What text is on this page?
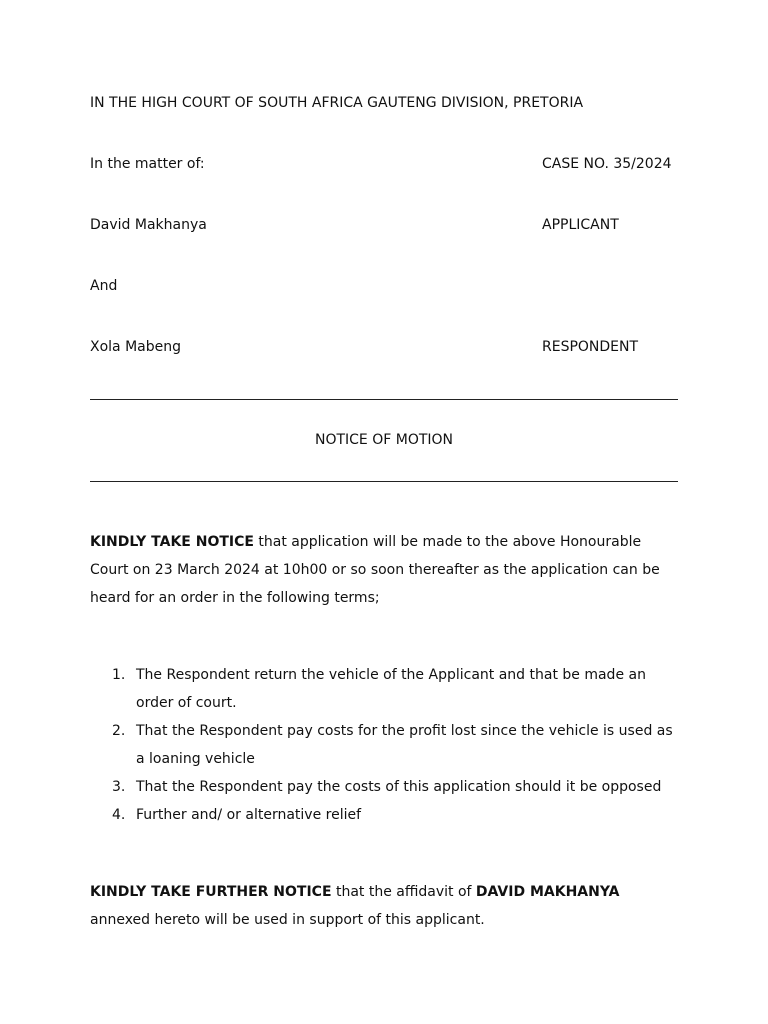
IN THE HIGH COURT OF SOUTH AFRICA GAUTENG DIVISION, PRETORIA
In the matter of:	CASE NO. 35/2024
David Makhanya	APPLICANT
And
Xola Mabeng	RESPONDENT
NOTICE OF MOTION
KINDLY TAKE NOTICE that application will be made to the above Honourable Court on 23 March 2024 at 10h00 or so soon thereafter as the application can be heard for an order in the following terms;
1. The Respondent return the vehicle of the Applicant and that be made an order of court.
2. That the Respondent pay costs for the profit lost since the vehicle is used as a loaning vehicle
3. That the Respondent pay the costs of this application should it be opposed
4. Further and/ or alternative relief
KINDLY TAKE FURTHER NOTICE that the affidavit of DAVID MAKHANYA annexed hereto will be used in support of this applicant.
